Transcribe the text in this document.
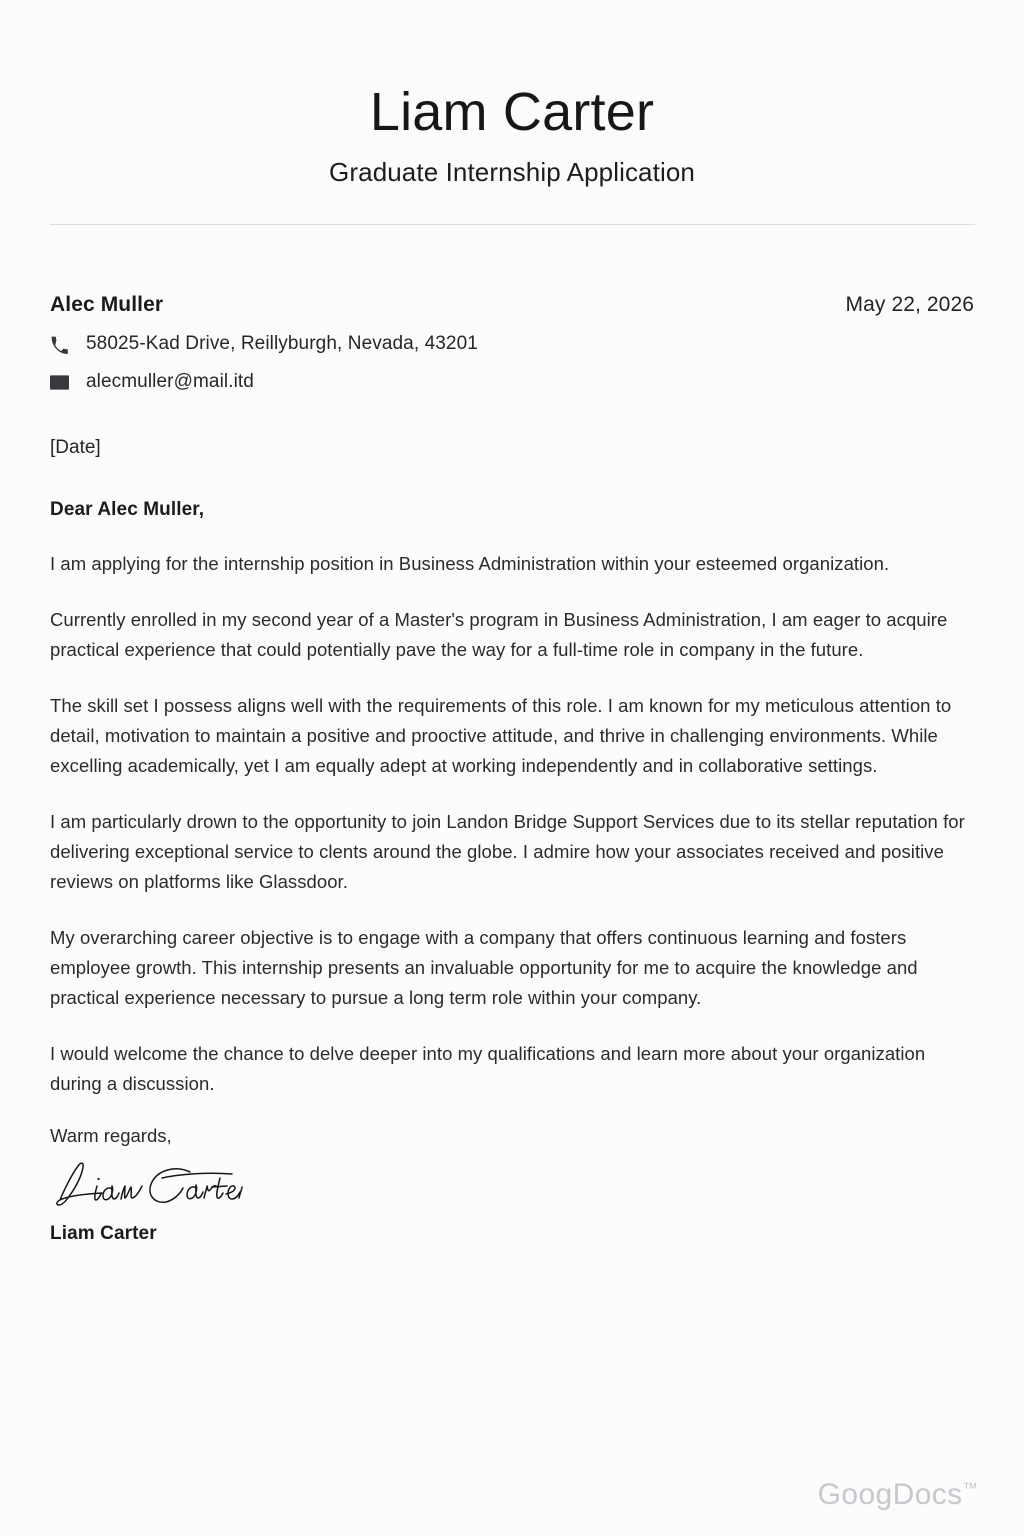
Liam Carter
Graduate Internship Application
Alec Muller	May 22, 2026
58025-Kad Drive, Reillyburgh, Nevada, 43201
alecmuller@mail.itd
[Date]
Dear Alec Muller,

I am applying for the internship position in Business Administration within your esteemed organization.

Currently enrolled in my second year of a Master's program in Business Administration, I am eager to acquire practical experience that could potentially pave the way for a full-time role in company in the future.

The skill set I possess aligns well with the requirements of this role. I am known for my meticulous attention to detail, motivation to maintain a positive and prooctive attitude, and thrive in challenging environments. While excelling academically, yet I am equally adept at working independently and in collaborative settings.

I am particularly drown to the opportunity to join Landon Bridge Support Services due to its stellar reputation for delivering exceptional service to clents around the globe. I admire how your associates received and positive reviews on platforms like Glassdoor.

My overarching career objective is to engage with a company that offers continuous learning and fosters employee growth. This internship presents an invaluable opportunity for me to acquire the knowledge and practical experience necessary to pursue a long term role within your company.

I would welcome the chance to delve deeper into my qualifications and learn more about your organization during a discussion.

Warm regards,
Liam Carter
GoogDocs™
